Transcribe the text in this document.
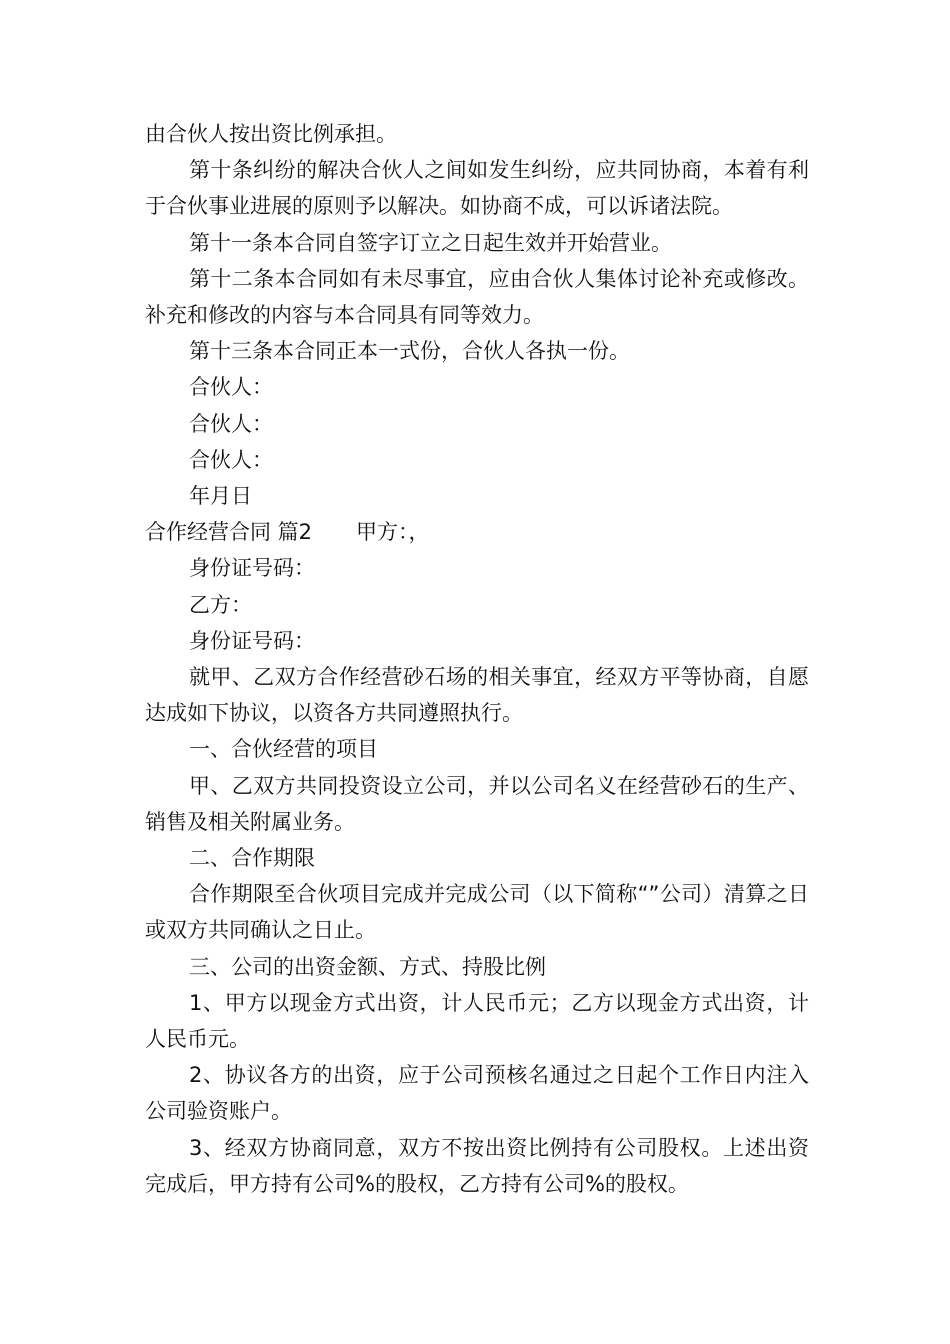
由合伙人按出资比例承担。

第十条纠纷的解决合伙人之间如发生纠纷，应共同协商，本着有利于合伙事业进展的原则予以解决。如协商不成，可以诉诸法院。

第十一条本合同自签字订立之日起生效并开始营业。

第十二条本合同如有未尽事宜，应由合伙人集体讨论补充或修改。补充和修改的内容与本合同具有同等效力。

第十三条本合同正本一式份，合伙人各执一份。

合伙人：

合伙人：

合伙人：

年月日

合作经营合同 篇2 甲方：，

身份证号码：

乙方：

身份证号码：

就甲、乙双方合作经营砂石场的相关事宜，经双方平等协商，自愿达成如下协议，以资各方共同遵照执行。

一、合伙经营的项目

甲、乙双方共同投资设立公司，并以公司名义在经营砂石的生产、销售及相关附属业务。

二、合作期限

合作期限至合伙项目完成并完成公司（以下简称“”公司）清算之日或双方共同确认之日止。

三、公司的出资金额、方式、持股比例

1、甲方以现金方式出资，计人民币元；乙方以现金方式出资，计人民币元。

2、协议各方的出资，应于公司预核名通过之日起个工作日内注入公司验资账户。

3、经双方协商同意，双方不按出资比例持有公司股权。上述出资完成后，甲方持有公司%的股权，乙方持有公司%的股权。
